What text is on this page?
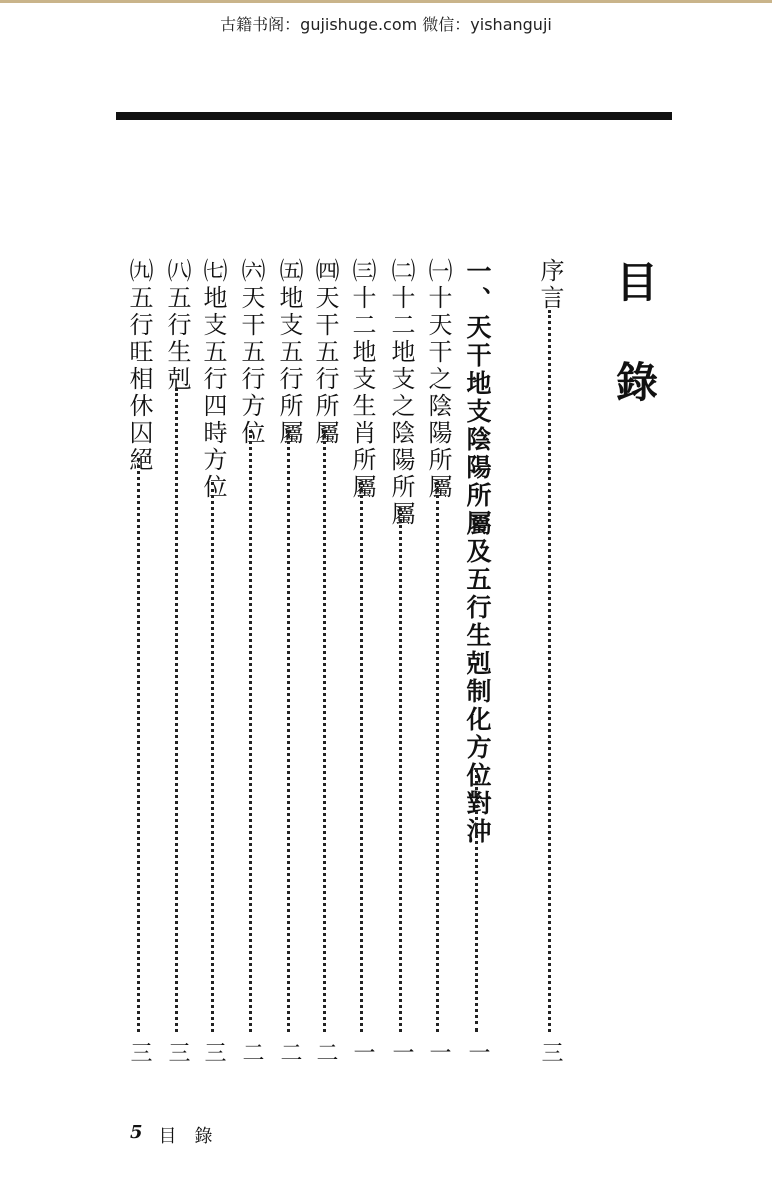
古籍书阁：gujishuge.com 微信：yishanguji
目
錄
序言
三
一、天干地支陰陽所屬及五行生剋制化方位對沖
一
㈠十天干之陰陽所屬
一
㈡十二地支之陰陽所屬
一
㈢十二地支生肖所屬
一
㈣天干五行所屬
二
㈤地支五行所屬
二
㈥天干五行方位
二
㈦地支五行四時方位
三
㈧五行生剋
三
㈨五行旺相休囚絕
三
5 目　錄
